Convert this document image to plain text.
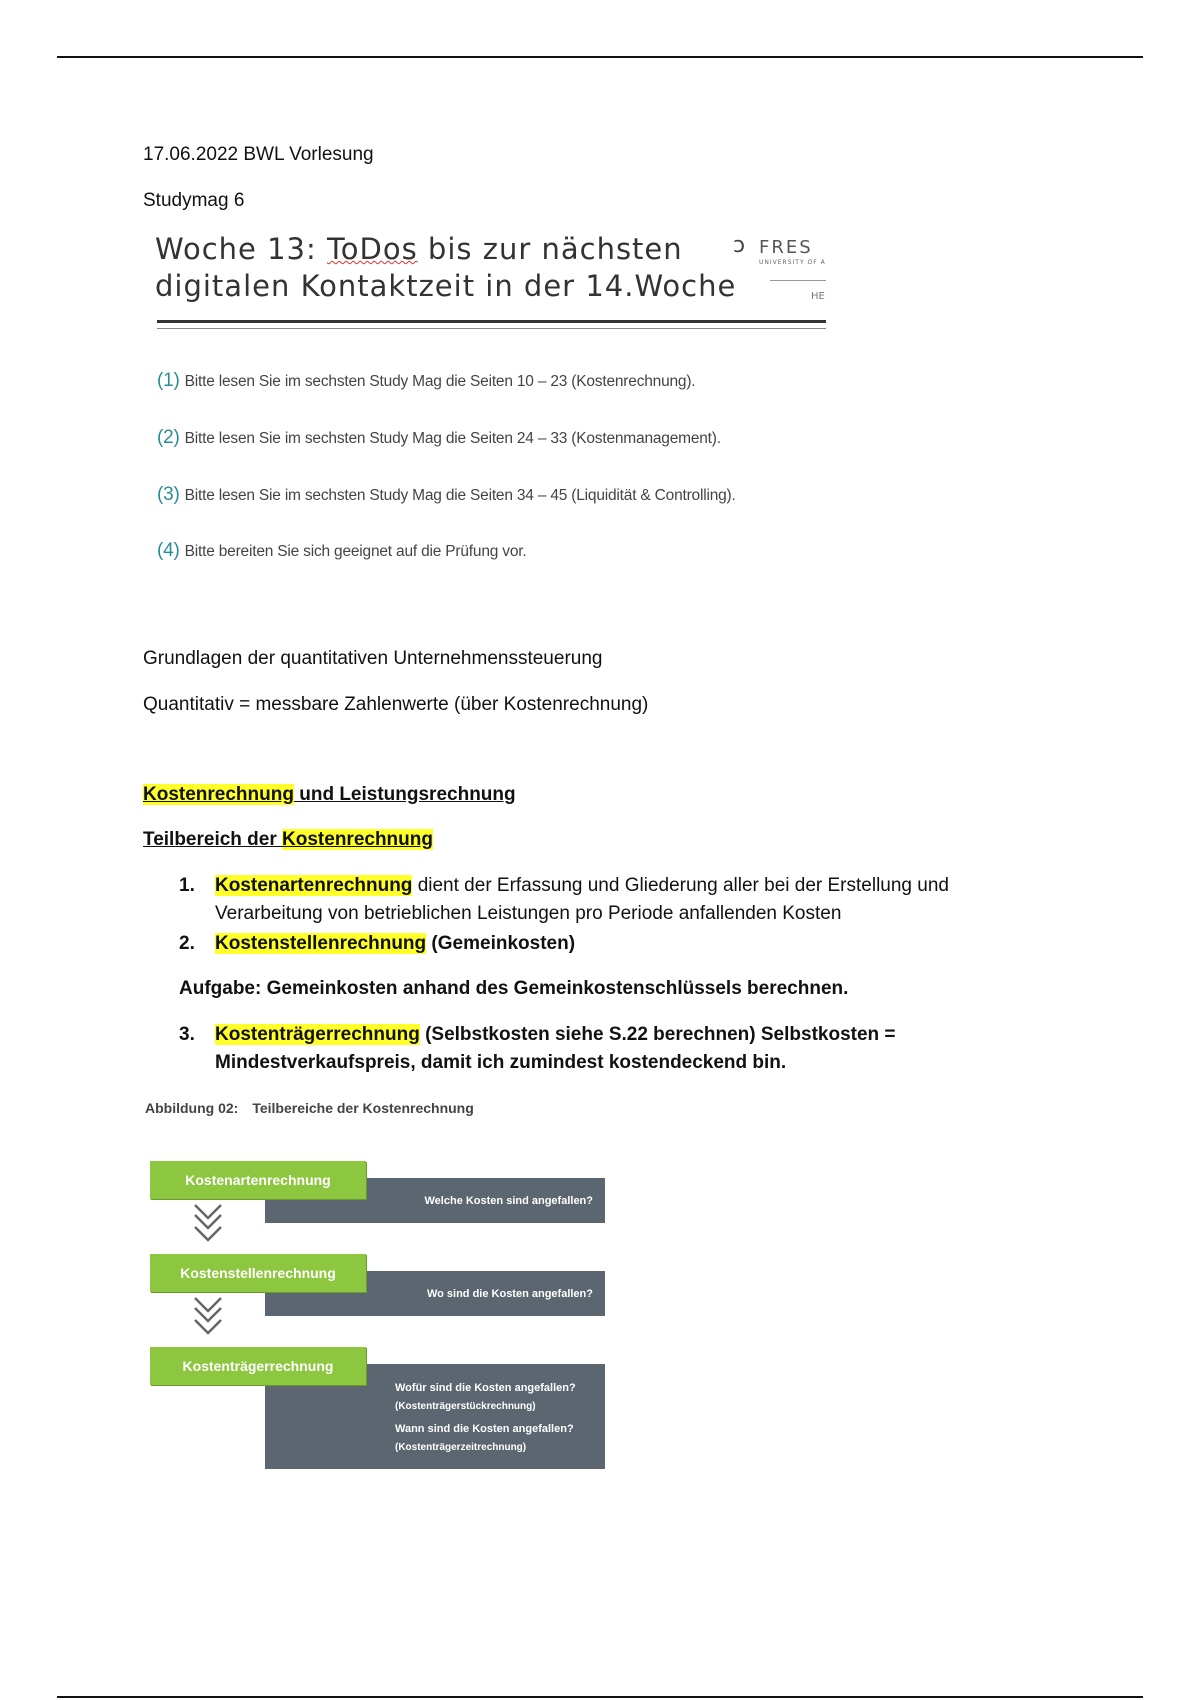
17.06.2022 BWL Vorlesung
Studymag 6
Woche 13: ToDos bis zur nächsten
digitalen Kontaktzeit in der 14.Woche
ↄ FRES
UNIVERSITY OF A
HE
(1) Bitte lesen Sie im sechsten Study Mag die Seiten 10 – 23 (Kostenrechnung).
(2) Bitte lesen Sie im sechsten Study Mag die Seiten 24 – 33 (Kostenmanagement).
(3) Bitte lesen Sie im sechsten Study Mag die Seiten 34 – 45 (Liquidität & Controlling).
(4) Bitte bereiten Sie sich geeignet auf die Prüfung vor.
Grundlagen der quantitativen Unternehmenssteuerung
Quantitativ = messbare Zahlenwerte (über Kostenrechnung)
Kostenrechnung und Leistungsrechnung
Teilbereich der Kostenrechnung
1. Kostenartenrechnung dient der Erfassung und Gliederung aller bei der Erstellung und
Verarbeitung von betrieblichen Leistungen pro Periode anfallenden Kosten
2. Kostenstellenrechnung (Gemeinkosten)
Aufgabe: Gemeinkosten anhand des Gemeinkostenschlüssels berechnen.
3. Kostenträgerrechnung (Selbstkosten siehe S.22 berechnen) Selbstkosten =
Mindestverkaufspreis, damit ich zumindest kostendeckend bin.
Abbildung 02: Teilbereiche der Kostenrechnung
Welche Kosten sind angefallen?
Kostenartenrechnung
Wo sind die Kosten angefallen?
Kostenstellenrechnung
Wofür sind die Kosten angefallen?
(Kostenträgerstückrechnung)
Wann sind die Kosten angefallen?
(Kostenträgerzeitrechnung)
Kostenträgerrechnung
